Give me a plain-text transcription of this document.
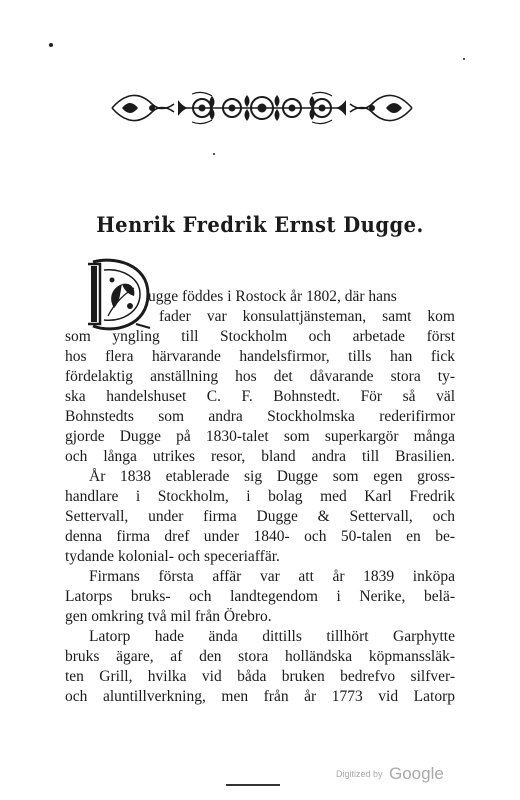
Henrik Fredrik Ernst Dugge.
D
ugge föddes i Rostock år 1802, där hans
fader var konsulattjänsteman, samt kom
som yngling till Stockholm och arbetade först
hos flera härvarande handelsfirmor, tills han fick
fördelaktig anställning hos det dåvarande stora ty-
ska handelshuset C. F. Bohnstedt. För så väl
Bohnstedts som andra Stockholmska rederifirmor
gjorde Dugge på 1830-talet som superkargör många
och långa utrikes resor, bland andra till Brasilien.
År 1838 etablerade sig Dugge som egen gross-
handlare i Stockholm, i bolag med Karl Fredrik
Settervall, under firma Dugge & Settervall, och
denna firma dref under 1840- och 50-talen en be-
tydande kolonial- och speceriaffär.
Firmans första affär var att år 1839 inköpa
Latorps bruks- och landtegendom i Nerike, belä-
gen omkring två mil från Örebro.
Latorp hade ända dittills tillhört Garphytte
bruks ägare, af den stora holländska köpmanssläk-
ten Grill, hvilka vid båda bruken bedrefvo silfver-
och aluntillverkning, men från år 1773 vid Latorp
Digitized by Google
